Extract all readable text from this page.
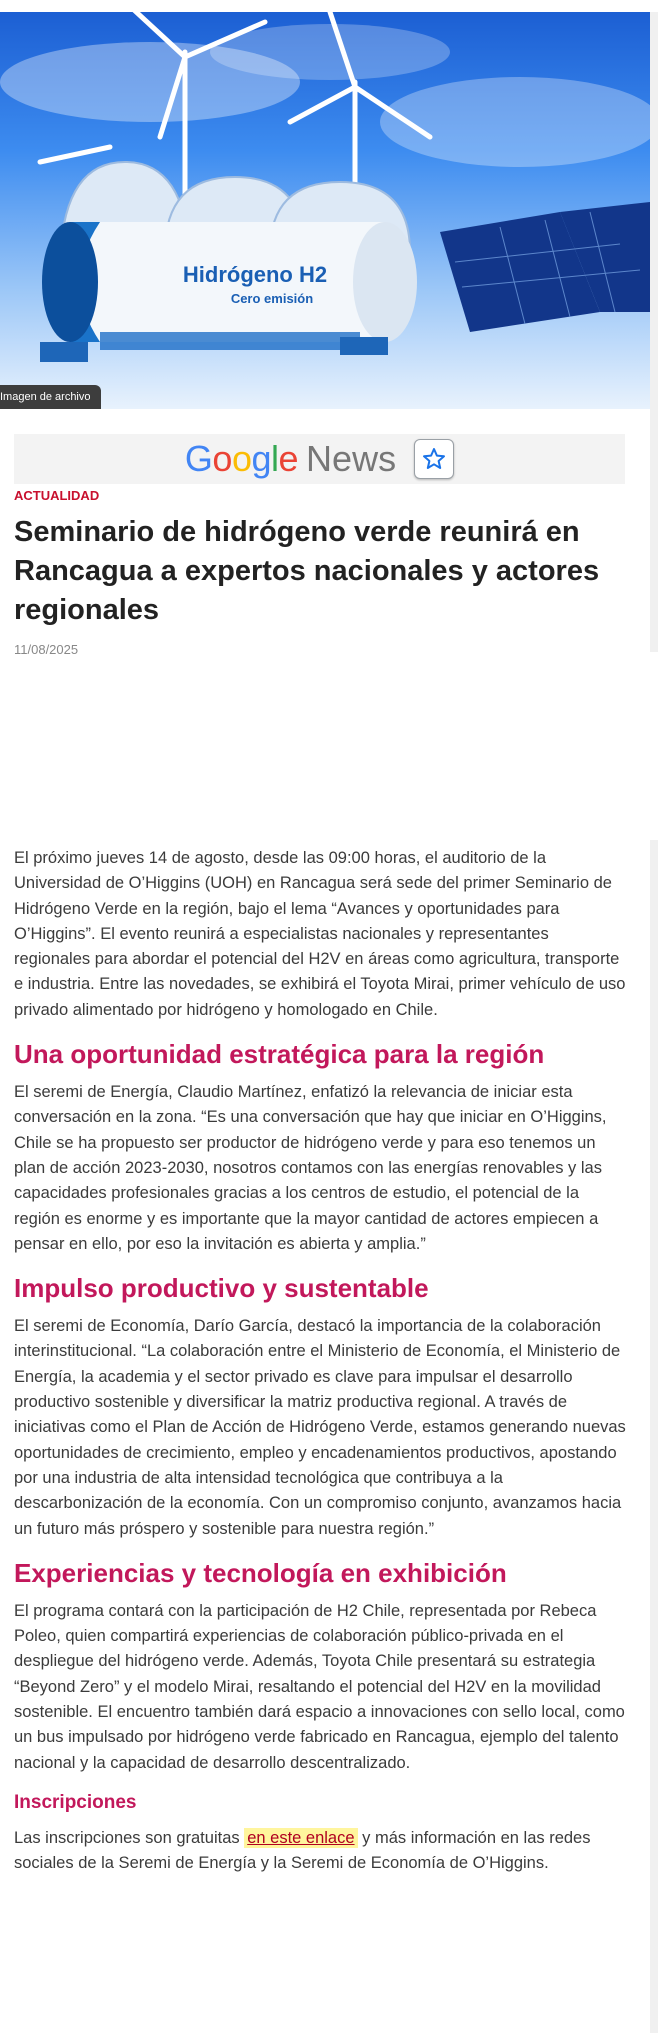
Hidrógeno H2
Cero emisión
Imagen de archivo
Google News
ACTUALIDAD
Seminario de hidrógeno verde reunirá en Rancagua a expertos nacionales y actores regionales
11/08/2025

El próximo jueves 14 de agosto, desde las 09:00 horas, el auditorio de la Universidad de O’Higgins (UOH) en Rancagua será sede del primer Seminario de Hidrógeno Verde en la región, bajo el lema “Avances y oportunidades para O’Higgins”. El evento reunirá a especialistas nacionales y representantes regionales para abordar el potencial del H2V en áreas como agricultura, transporte e industria. Entre las novedades, se exhibirá el Toyota Mirai, primer vehículo de uso privado alimentado por hidrógeno y homologado en Chile.

Una oportunidad estratégica para la región

El seremi de Energía, Claudio Martínez, enfatizó la relevancia de iniciar esta conversación en la zona. “Es una conversación que hay que iniciar en O’Higgins, Chile se ha propuesto ser productor de hidrógeno verde y para eso tenemos un plan de acción 2023-2030, nosotros contamos con las energías renovables y las capacidades profesionales gracias a los centros de estudio, el potencial de la región es enorme y es importante que la mayor cantidad de actores empiecen a pensar en ello, por eso la invitación es abierta y amplia.”

Impulso productivo y sustentable

El seremi de Economía, Darío García, destacó la importancia de la colaboración interinstitucional. “La colaboración entre el Ministerio de Economía, el Ministerio de Energía, la academia y el sector privado es clave para impulsar el desarrollo productivo sostenible y diversificar la matriz productiva regional. A través de iniciativas como el Plan de Acción de Hidrógeno Verde, estamos generando nuevas oportunidades de crecimiento, empleo y encadenamientos productivos, apostando por una industria de alta intensidad tecnológica que contribuya a la descarbonización de la economía. Con un compromiso conjunto, avanzamos hacia un futuro más próspero y sostenible para nuestra región.”

Experiencias y tecnología en exhibición

El programa contará con la participación de H2 Chile, representada por Rebeca Poleo, quien compartirá experiencias de colaboración público-privada en el despliegue del hidrógeno verde. Además, Toyota Chile presentará su estrategia “Beyond Zero” y el modelo Mirai, resaltando el potencial del H2V en la movilidad sostenible. El encuentro también dará espacio a innovaciones con sello local, como un bus impulsado por hidrógeno verde fabricado en Rancagua, ejemplo del talento nacional y la capacidad de desarrollo descentralizado.

Inscripciones

Las inscripciones son gratuitas en este enlace y más información en las redes sociales de la Seremi de Energía y la Seremi de Economía de O’Higgins.
